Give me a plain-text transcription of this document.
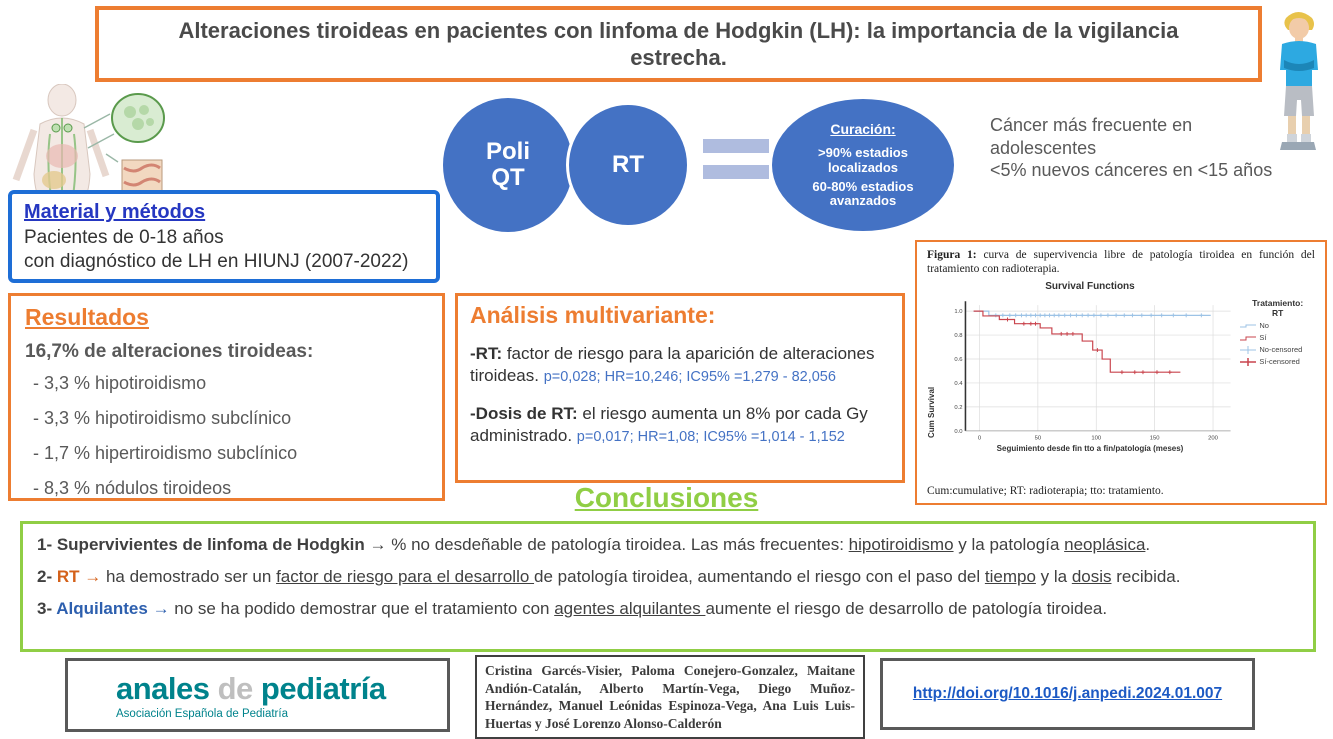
Alteraciones tiroideas en pacientes con linfoma de Hodgkin (LH): la importancia de la vigilancia estrecha.
Poli
QT	RT
Curación:
>90% estadios localizados
60-80% estadios avanzados
Cáncer más frecuente en adolescentes
<5% nuevos cánceres en <15 años
Material y métodos
Pacientes de 0-18 años
con diagnóstico de LH en HIUNJ (2007-2022)
Resultados
16,7% de alteraciones tiroideas:
- 3,3 % hipotiroidismo
- 3,3 % hipotiroidismo subclínico
- 1,7 % hipertiroidismo subclínico
- 8,3 % nódulos tiroideos
Análisis multivariante:

-RT: factor de riesgo para la aparición de alteraciones tiroideas. p=0,028; HR=10,246; IC95% =1,279 - 82,056

-Dosis de RT: el riesgo aumenta un 8% por cada Gy administrado. p=0,017; HR=1,08; IC95% =1,014 - 1,152

Figura 1: curva de supervivencia libre de patología tiroidea en función del tratamiento con radioterapia.
Survival Functions
Cum Survival	0.0
0.2
0.4
0.6
0.8
1.0
0	50	100	150	200
Tratamiento:
RT
No
Sí
No-censored
Sí-censored
Seguimiento desde fin tto a fin/patología (meses)
Cum:cumulative; RT: radioterapia; tto: tratamiento.
Conclusiones
1- Supervivientes de linfoma de Hodgkin → % no desdeñable de patología tiroidea. Las más frecuentes: hipotiroidismo y la patología neoplásica.
2- RT → ha demostrado ser un factor de riesgo para el desarrollo de patología tiroidea, aumentando el riesgo con el paso del tiempo y la dosis recibida.
3- Alquilantes → no se ha podido demostrar que el tratamiento con agentes alquilantes aumente el riesgo de desarrollo de patología tiroidea.
anales de pediatría
Asociación Española de Pediatría

Cristina Garcés-Visier, Paloma Conejero-Gonzalez, Maitane Andión-Catalán, Alberto Martín-Vega, Diego Muñoz-Hernández, Manuel Leónidas Espinoza-Vega, Ana Luis Luis-Huertas y José Lorenzo Alonso-Calderón

http://doi.org/10.1016/j.anpedi.2024.01.007
